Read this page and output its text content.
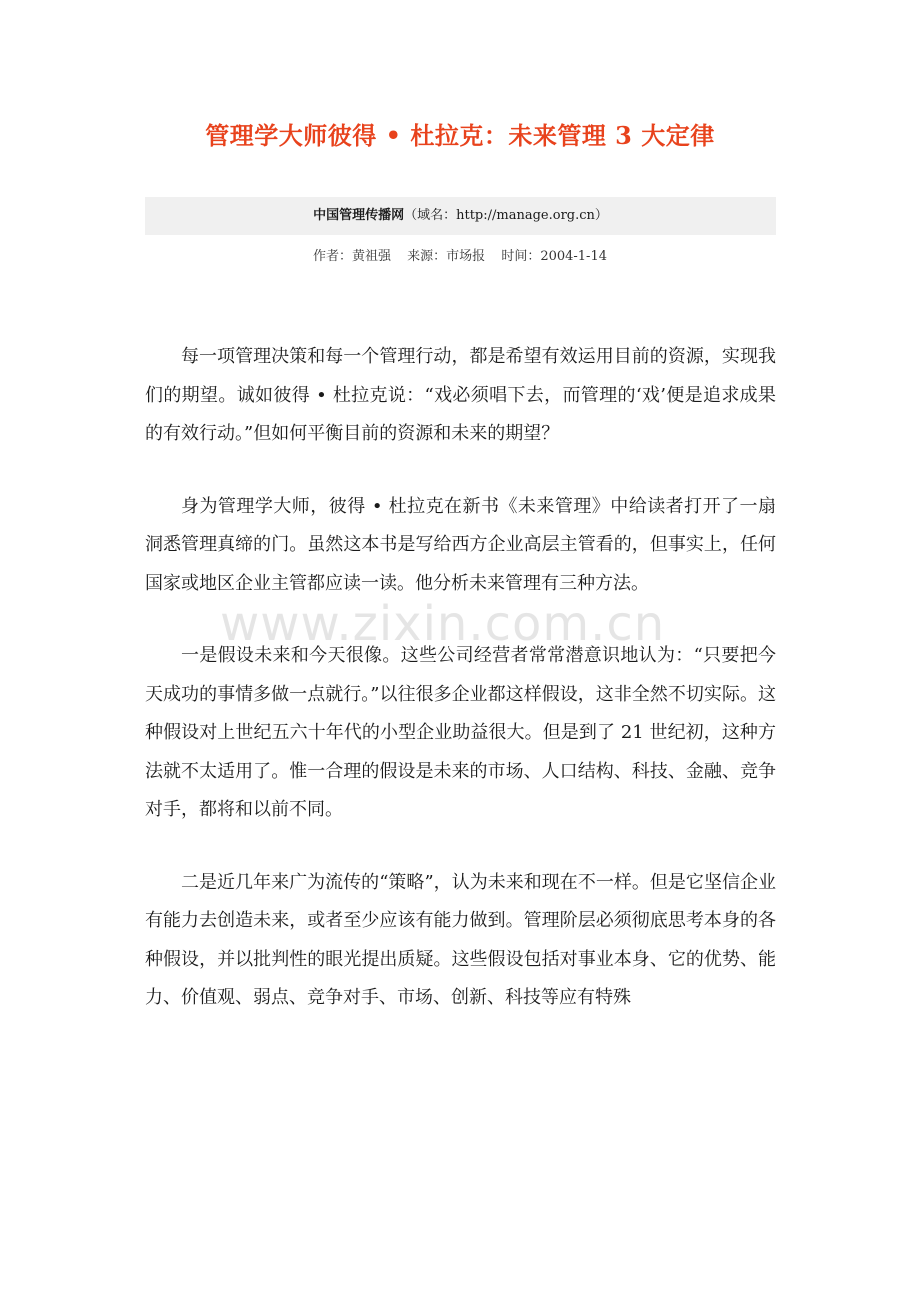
管理学大师彼得 • 杜拉克：未来管理 3 大定律
中国管理传播网（域名：http://manage.org.cn）
作者：黄祖强 来源：市场报 时间：2004-1-14

每一项管理决策和每一个管理行动，都是希望有效运用目前的资源，实现我们的期望。诚如彼得 • 杜拉克说：“戏必须唱下去，而管理的‘戏’便是追求成果的有效行动。”但如何平衡目前的资源和未来的期望？

身为管理学大师，彼得 • 杜拉克在新书《未来管理》中给读者打开了一扇洞悉管理真缔的门。虽然这本书是写给西方企业高层主管看的，但事实上，任何国家或地区企业主管都应读一读。他分析未来管理有三种方法。

一是假设未来和今天很像。这些公司经营者常常潜意识地认为：“只要把今天成功的事情多做一点就行。”以往很多企业都这样假设，这非全然不切实际。这种假设对上世纪五六十年代的小型企业助益很大。但是到了 21 世纪初，这种方法就不太适用了。惟一合理的假设是未来的市场、人口结构、科技、金融、竞争对手，都将和以前不同。

二是近几年来广为流传的“策略”，认为未来和现在不一样。但是它坚信企业有能力去创造未来，或者至少应该有能力做到。管理阶层必须彻底思考本身的各种假设，并以批判性的眼光提出质疑。这些假设包括对事业本身、它的优势、能力、价值观、弱点、竞争对手、市场、创新、科技等应有特殊

www.zixin.com.cn
